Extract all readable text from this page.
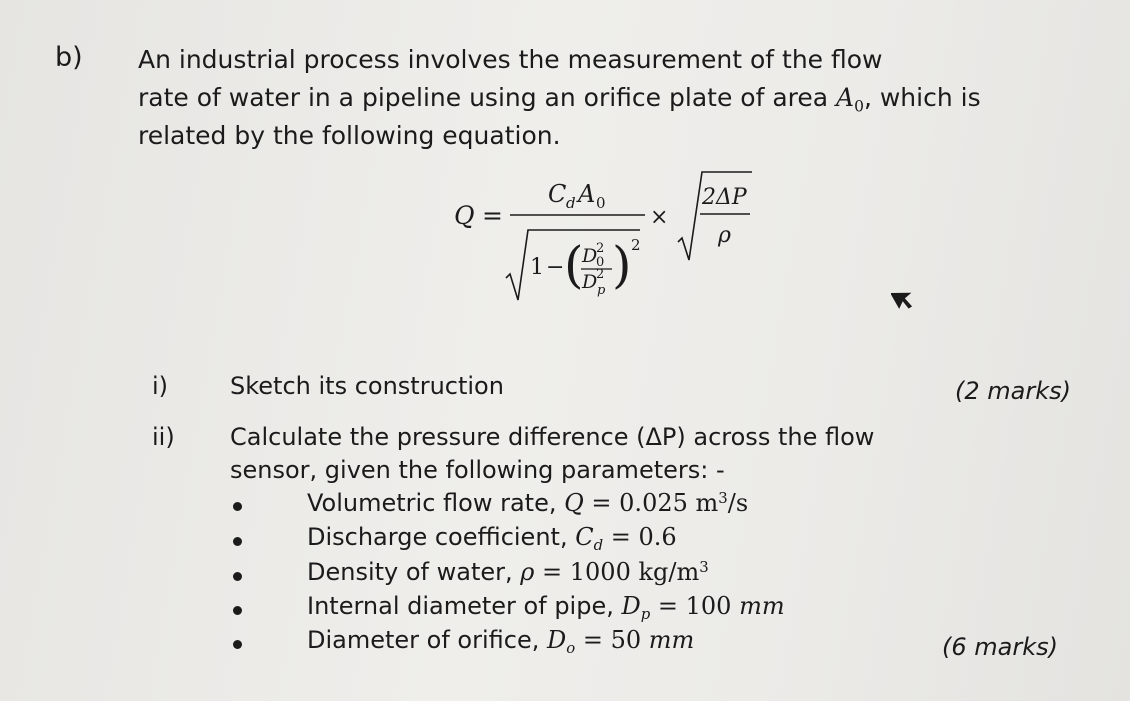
b) An industrial process involves the measurement of the flow
rate of water in a pipeline using an orifice plate of area $A_0$, which is
related by the following equation.
Q =
C d A 0
1 − (
D
2
0
D
2
p ) 2
×
2ΔP
ρ
i)	Sketch its construction	(2 marks)
ii) Calculate the pressure difference (ΔP) across the flow
sensor, given the following parameters: -
Volumetric flow rate, Q = 0.025 $m^3/s$
Discharge coefficient, $C_d = 0.6$
Density of water, ρ = 1000 $kg/m^3$
Internal diameter of pipe, $D_p = 100$ mm
Diameter of orifice, $D_o = 50$ mm	(6 marks)
